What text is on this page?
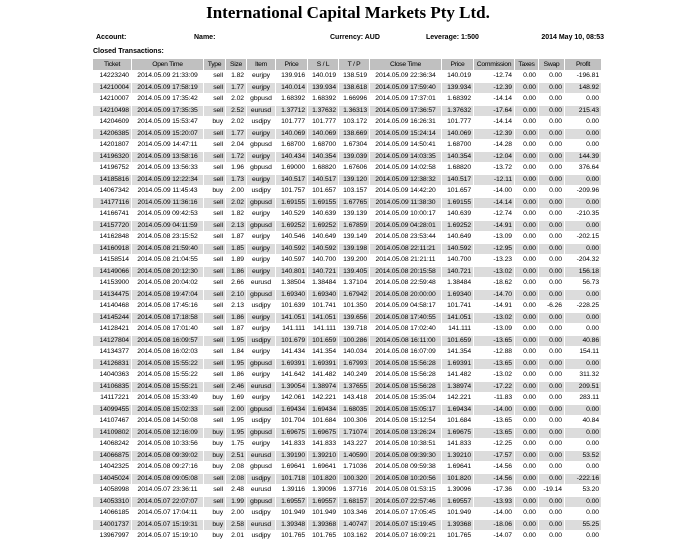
International Capital Markets Pty Ltd.
Account:	Name:	Currency: AUD	Leverage: 1:500	2014 May 10, 08:53
Closed Transactions:
Ticket	Open Time	Type	Size	Item	Price	S / L	T / P	Close Time	Price	Commission	Taxes	Swap	Profit
14223240	2014.05.09 21:33:09	sell	1.82	eurjpy	139.916	140.019	138.519	2014.05.09 22:36:34	140.019	-12.74	0.00	0.00	-196.81
14210004	2014.05.09 17:58:19	sell	1.77	eurjpy	140.014	139.934	138.618	2014.05.09 17:59:40	139.934	-12.39	0.00	0.00	148.92
14210007	2014.05.09 17:35:42	sell	2.02	gbpusd	1.68392	1.68392	1.66996	2014.05.09 17:37:01	1.68392	-14.14	0.00	0.00	0.00
14210498	2014.05.09 17:35:35	sell	2.52	eurusd	1.37712	1.37632	1.36313	2014.05.09 17:36:57	1.37632	-17.64	0.00	0.00	215.43
14204609	2014.05.09 15:53:47	buy	2.02	usdjpy	101.777	101.777	103.172	2014.05.09 16:26:31	101.777	-14.14	0.00	0.00	0.00
14206385	2014.05.09 15:20:07	sell	1.77	eurjpy	140.069	140.069	138.669	2014.05.09 15:24:14	140.069	-12.39	0.00	0.00	0.00
14201807	2014.05.09 14:47:11	sell	2.04	gbpusd	1.68700	1.68700	1.67304	2014.05.09 14:50:41	1.68700	-14.28	0.00	0.00	0.00
14196320	2014.05.09 13:58:16	sell	1.72	eurjpy	140.434	140.354	139.039	2014.05.09 14:03:35	140.354	-12.04	0.00	0.00	144.39
14196752	2014.05.09 13:56:33	sell	1.96	gbpusd	1.69000	1.68820	1.67606	2014.05.09 14:02:58	1.68820	-13.72	0.00	0.00	376.64
14185816	2014.05.09 12:22:34	sell	1.73	eurjpy	140.517	140.517	139.120	2014.05.09 12:38:32	140.517	-12.11	0.00	0.00	0.00
14067342	2014.05.09 11:45:43	buy	2.00	usdjpy	101.757	101.657	103.157	2014.05.09 14:42:20	101.657	-14.00	0.00	0.00	-209.96
14177116	2014.05.09 11:36:16	sell	2.02	gbpusd	1.69155	1.69155	1.67765	2014.05.09 11:38:30	1.69155	-14.14	0.00	0.00	0.00
14166741	2014.05.09 09:42:53	sell	1.82	eurjpy	140.529	140.639	139.139	2014.05.09 10:00:17	140.639	-12.74	0.00	0.00	-210.35
14157720	2014.05.09 04:11:59	sell	2.13	gbpusd	1.69252	1.69252	1.67859	2014.05.09 04:28:01	1.69252	-14.91	0.00	0.00	0.00
14162848	2014.05.08 23:15:52	sell	1.87	eurjpy	140.546	140.649	139.149	2014.05.08 23:53:44	140.649	-13.09	0.00	0.00	-202.15
14160918	2014.05.08 21:59:40	sell	1.85	eurjpy	140.592	140.592	139.198	2014.05.08 22:11:21	140.592	-12.95	0.00	0.00	0.00
14158514	2014.05.08 21:04:55	sell	1.89	eurjpy	140.597	140.700	139.200	2014.05.08 21:21:11	140.700	-13.23	0.00	0.00	-204.32
14149066	2014.05.08 20:12:30	sell	1.86	eurjpy	140.801	140.721	139.405	2014.05.08 20:15:58	140.721	-13.02	0.00	0.00	156.18
14153900	2014.05.08 20:04:02	sell	2.66	eurusd	1.38504	1.38484	1.37104	2014.05.08 22:59:48	1.38484	-18.62	0.00	0.00	56.73
14134475	2014.05.08 19:47:04	sell	2.10	gbpusd	1.69340	1.69340	1.67942	2014.05.08 20:00:00	1.69340	-14.70	0.00	0.00	0.00
14140468	2014.05.08 17:45:16	sell	2.13	usdjpy	101.639	101.741	101.350	2014.05.09 04:58:17	101.741	-14.91	0.00	-6.26	-228.25
14145244	2014.05.08 17:18:58	sell	1.86	eurjpy	141.051	141.051	139.656	2014.05.08 17:40:55	141.051	-13.02	0.00	0.00	0.00
14128421	2014.05.08 17:01:40	sell	1.87	eurjpy	141.111	141.111	139.718	2014.05.08 17:02:40	141.111	-13.09	0.00	0.00	0.00
14127804	2014.05.08 16:09:57	sell	1.95	usdjpy	101.679	101.659	100.286	2014.05.08 16:11:00	101.659	-13.65	0.00	0.00	40.86
14134377	2014.05.08 16:02:03	sell	1.84	eurjpy	141.434	141.354	140.034	2014.05.08 16:07:09	141.354	-12.88	0.00	0.00	154.11
14126831	2014.05.08 15:55:22	sell	1.95	gbpusd	1.69391	1.69391	1.67993	2014.05.08 15:56:28	1.69391	-13.65	0.00	0.00	0.00
14040363	2014.05.08 15:55:22	sell	1.86	eurjpy	141.642	141.482	140.249	2014.05.08 15:56:28	141.482	-13.02	0.00	0.00	311.32
14106835	2014.05.08 15:55:21	sell	2.46	eurusd	1.39054	1.38974	1.37655	2014.05.08 15:56:28	1.38974	-17.22	0.00	0.00	209.51
14117221	2014.05.08 15:33:49	buy	1.69	eurjpy	142.061	142.221	143.418	2014.05.08 15:35:04	142.221	-11.83	0.00	0.00	283.11
14099455	2014.05.08 15:02:33	sell	2.00	gbpusd	1.69434	1.69434	1.68035	2014.05.08 15:05:17	1.69434	-14.00	0.00	0.00	0.00
14107467	2014.05.08 14:50:08	sell	1.95	usdjpy	101.704	101.684	100.306	2014.05.08 15:12:54	101.684	-13.65	0.00	0.00	40.84
14109802	2014.05.08 12:16:09	buy	1.95	gbpusd	1.69675	1.69675	1.71074	2014.05.08 13:26:24	1.69675	-13.65	0.00	0.00	0.00
14068242	2014.05.08 10:33:56	buy	1.75	eurjpy	141.833	141.833	143.227	2014.05.08 10:38:51	141.833	-12.25	0.00	0.00	0.00
14066875	2014.05.08 09:39:02	buy	2.51	eurusd	1.39190	1.39210	1.40590	2014.05.08 09:39:30	1.39210	-17.57	0.00	0.00	53.52
14042325	2014.05.08 09:27:16	buy	2.08	gbpusd	1.69641	1.69641	1.71036	2014.05.08 09:59:38	1.69641	-14.56	0.00	0.00	0.00
14045024	2014.05.08 09:05:08	sell	2.08	usdjpy	101.718	101.820	100.320	2014.05.08 10:20:56	101.820	-14.56	0.00	0.00	-222.16
14058998	2014.05.07 23:36:11	sell	2.48	eurusd	1.39116	1.39096	1.37716	2014.05.08 01:53:15	1.39096	-17.36	0.00	-19.14	53.20
14053310	2014.05.07 22:07:07	sell	1.99	gbpusd	1.69557	1.69557	1.68157	2014.05.07 22:57:46	1.69557	-13.93	0.00	0.00	0.00
14066185	2014.05.07 17:04:11	buy	2.00	usdjpy	101.949	101.949	103.346	2014.05.07 17:05:45	101.949	-14.00	0.00	0.00	0.00
14001737	2014.05.07 15:19:31	buy	2.58	eurusd	1.39348	1.39368	1.40747	2014.05.07 15:19:45	1.39368	-18.06	0.00	0.00	55.25
13967997	2014.05.07 15:19:10	buy	2.01	usdjpy	101.765	101.765	103.162	2014.05.07 16:09:21	101.765	-14.07	0.00	0.00	0.00
